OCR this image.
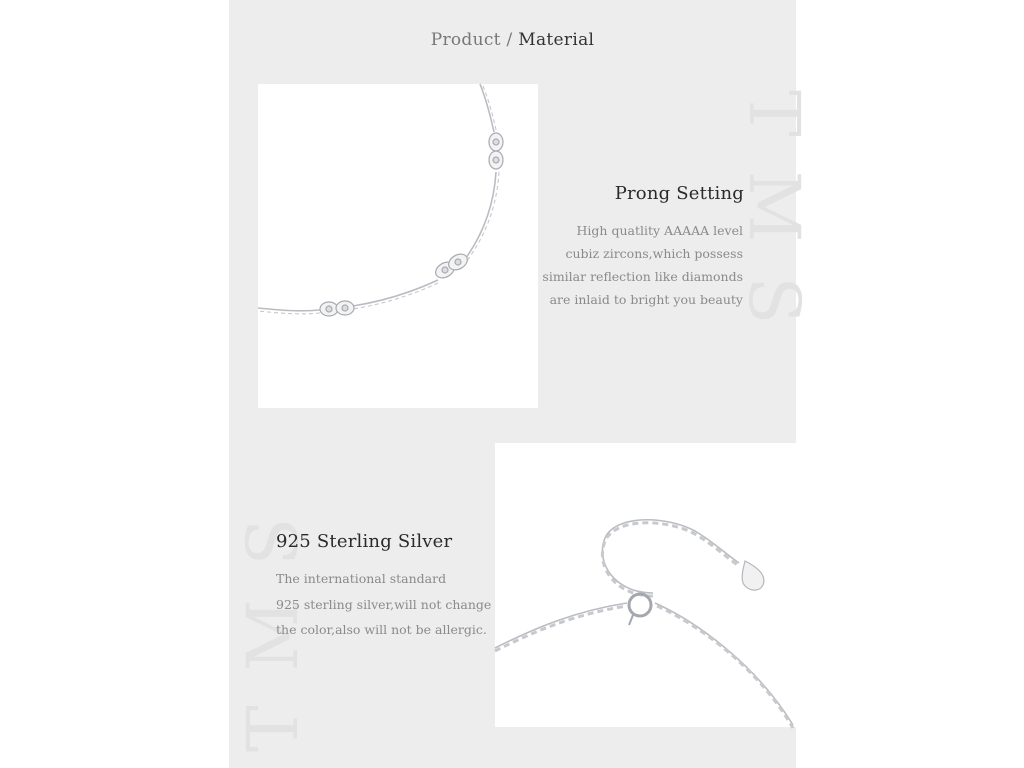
TMS
TMS
Product / Material
Prong Setting
High quatlity AAAAA level
cubiz zircons,which possess
similar reflection like diamonds
are inlaid to bright you beauty
925 Sterling Silver
The international standard
925 sterling silver,will not change
the color,also will not be allergic.
